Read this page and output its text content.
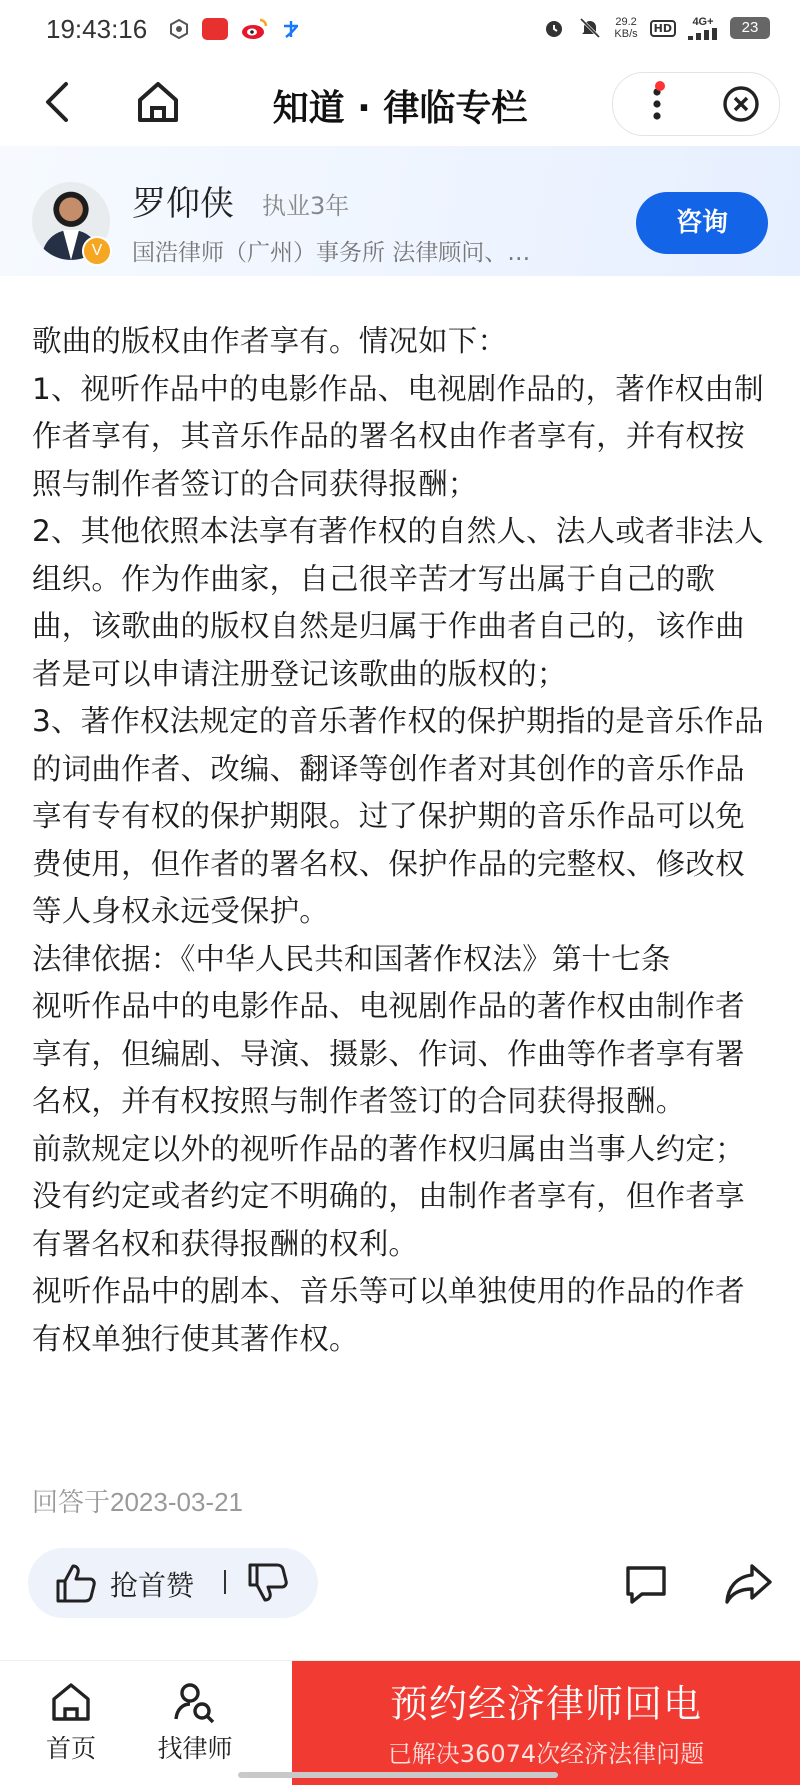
19:43:16	29.2
KB/s	HD	4G+	23
知道 · 律临专栏
V
罗仰侠 执业3年
国浩律师（广州）事务所 法律顾问、…
咨询

歌曲的版权由作者享有。情况如下：

1、视听作品中的电影作品、电视剧作品的，著作权由制作者享有，其音乐作品的署名权由作者享有，并有权按照与制作者签订的合同获得报酬；

2、其他依照本法享有著作权的自然人、法人或者非法人组织。作为作曲家，自己很辛苦才写出属于自己的歌曲，该歌曲的版权自然是归属于作曲者自己的，该作曲者是可以申请注册登记该歌曲的版权的；

3、著作权法规定的音乐著作权的保护期指的是音乐作品的词曲作者、改编、翻译等创作者对其创作的音乐作品享有专有权的保护期限。过了保护期的音乐作品可以免费使用，但作者的署名权、保护作品的完整权、修改权等人身权永远受保护。

法律依据：《中华人民共和国著作权法》第十七条

视听作品中的电影作品、电视剧作品的著作权由制作者享有，但编剧、导演、摄影、作词、作曲等作者享有署名权，并有权按照与制作者签订的合同获得报酬。

前款规定以外的视听作品的著作权归属由当事人约定；没有约定或者约定不明确的，由制作者享有，但作者享有署名权和获得报酬的权利。

视听作品中的剧本、音乐等可以单独使用的作品的作者有权单独行使其著作权。

回答于2023-03-21
抢首赞
首页 找律师
预约经济律师回电
已解决36074次经济法律问题
